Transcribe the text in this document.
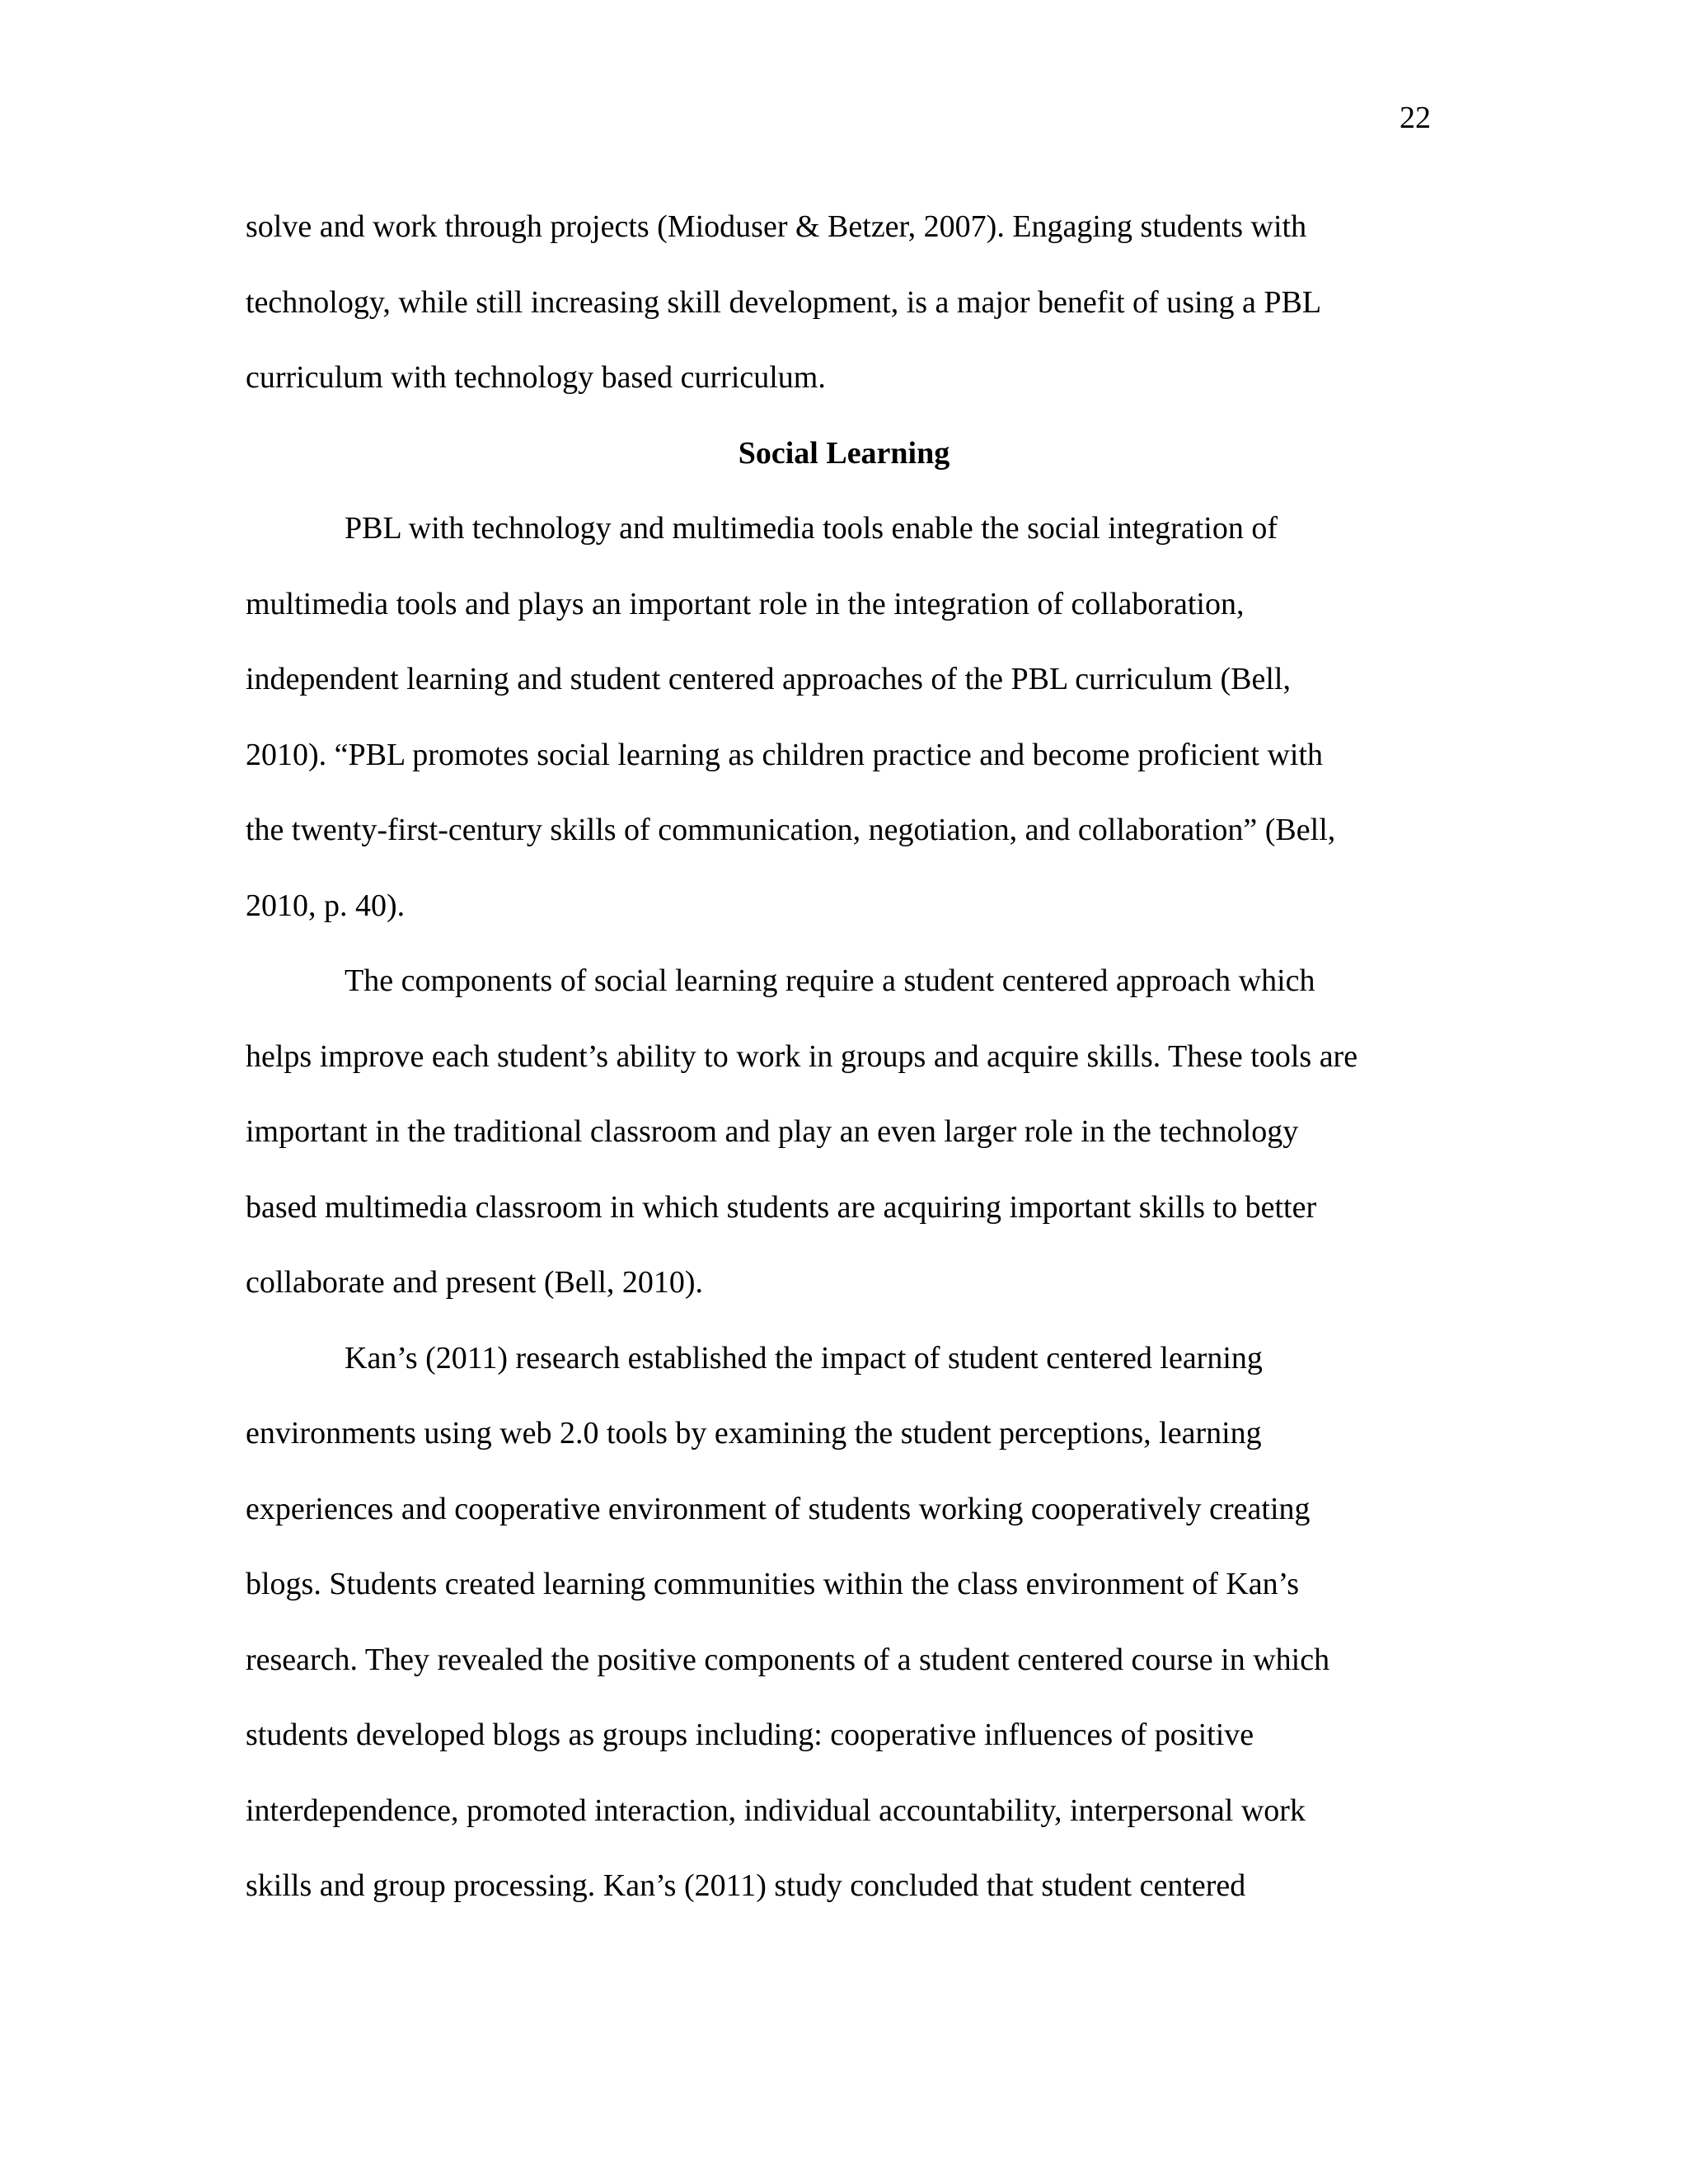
22
solve and work through projects (Mioduser & Betzer, 2007). Engaging students with
technology, while still increasing skill development, is a major benefit of using a PBL
curriculum with technology based curriculum.
Social Learning
PBL with technology and multimedia tools enable the social integration of
multimedia tools and plays an important role in the integration of collaboration,
independent learning and student centered approaches of the PBL curriculum (Bell,
2010). “PBL promotes social learning as children practice and become proficient with
the twenty-first-century skills of communication, negotiation, and collaboration” (Bell,
2010, p. 40).
The components of social learning require a student centered approach which
helps improve each student’s ability to work in groups and acquire skills. These tools are
important in the traditional classroom and play an even larger role in the technology
based multimedia classroom in which students are acquiring important skills to better
collaborate and present (Bell, 2010).
Kan’s (2011) research established the impact of student centered learning
environments using web 2.0 tools by examining the student perceptions, learning
experiences and cooperative environment of students working cooperatively creating
blogs. Students created learning communities within the class environment of Kan’s
research. They revealed the positive components of a student centered course in which
students developed blogs as groups including: cooperative influences of positive
interdependence, promoted interaction, individual accountability, interpersonal work
skills and group processing. Kan’s (2011) study concluded that student centered
